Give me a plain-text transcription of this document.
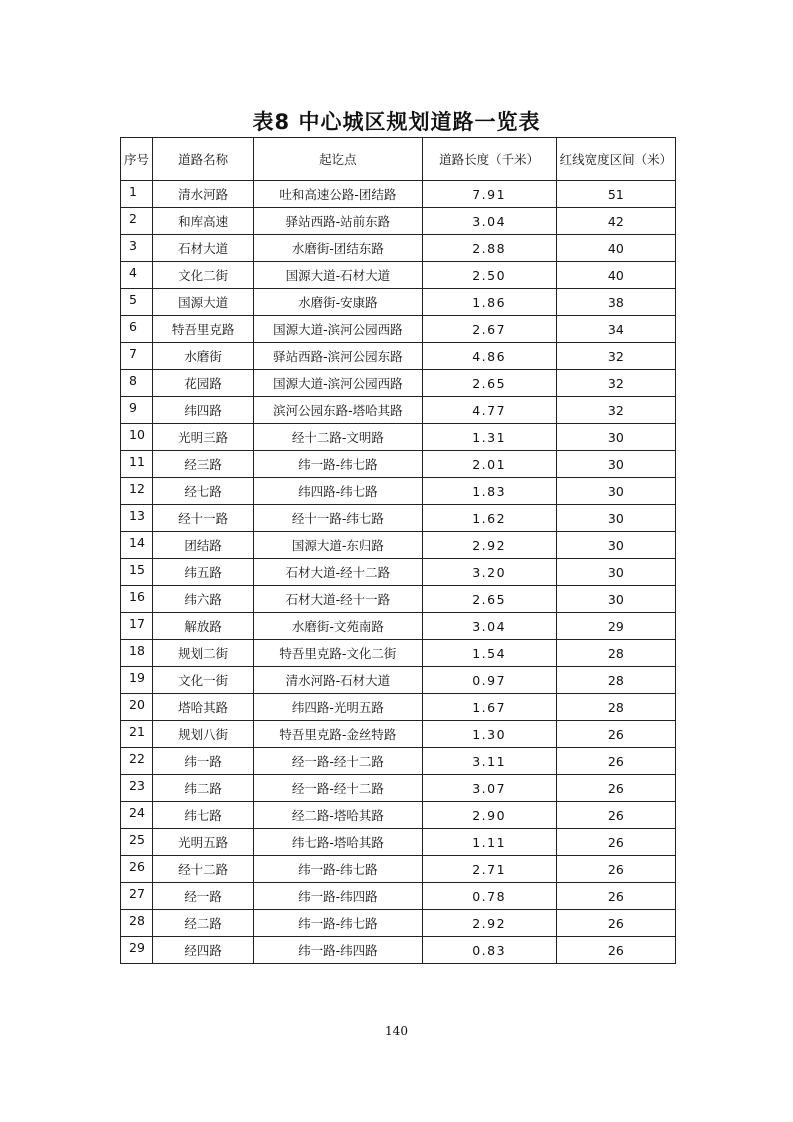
表8 中心城区规划道路一览表
序号	道路名称	起讫点	道路长度（千米）	红线宽度区间（米）
1	清水河路	吐和高速公路-团结路	7.91	51
2	和库高速	驿站西路-站前东路	3.04	42
3	石材大道	水磨街-团结东路	2.88	40
4	文化二街	国源大道-石材大道	2.50	40
5	国源大道	水磨街-安康路	1.86	38
6	特吾里克路	国源大道-滨河公园西路	2.67	34
7	水磨街	驿站西路-滨河公园东路	4.86	32
8	花园路	国源大道-滨河公园西路	2.65	32
9	纬四路	滨河公园东路-塔哈其路	4.77	32
10	光明三路	经十二路-文明路	1.31	30
11	经三路	纬一路-纬七路	2.01	30
12	经七路	纬四路-纬七路	1.83	30
13	经十一路	经十一路-纬七路	1.62	30
14	团结路	国源大道-东归路	2.92	30
15	纬五路	石材大道-经十二路	3.20	30
16	纬六路	石材大道-经十一路	2.65	30
17	解放路	水磨街-文苑南路	3.04	29
18	规划二街	特吾里克路-文化二街	1.54	28
19	文化一街	清水河路-石材大道	0.97	28
20	塔哈其路	纬四路-光明五路	1.67	28
21	规划八街	特吾里克路-金丝特路	1.30	26
22	纬一路	经一路-经十二路	3.11	26
23	纬二路	经一路-经十二路	3.07	26
24	纬七路	经二路-塔哈其路	2.90	26
25	光明五路	纬七路-塔哈其路	1.11	26
26	经十二路	纬一路-纬七路	2.71	26
27	经一路	纬一路-纬四路	0.78	26
28	经二路	纬一路-纬七路	2.92	26
29	经四路	纬一路-纬四路	0.83	26
140
